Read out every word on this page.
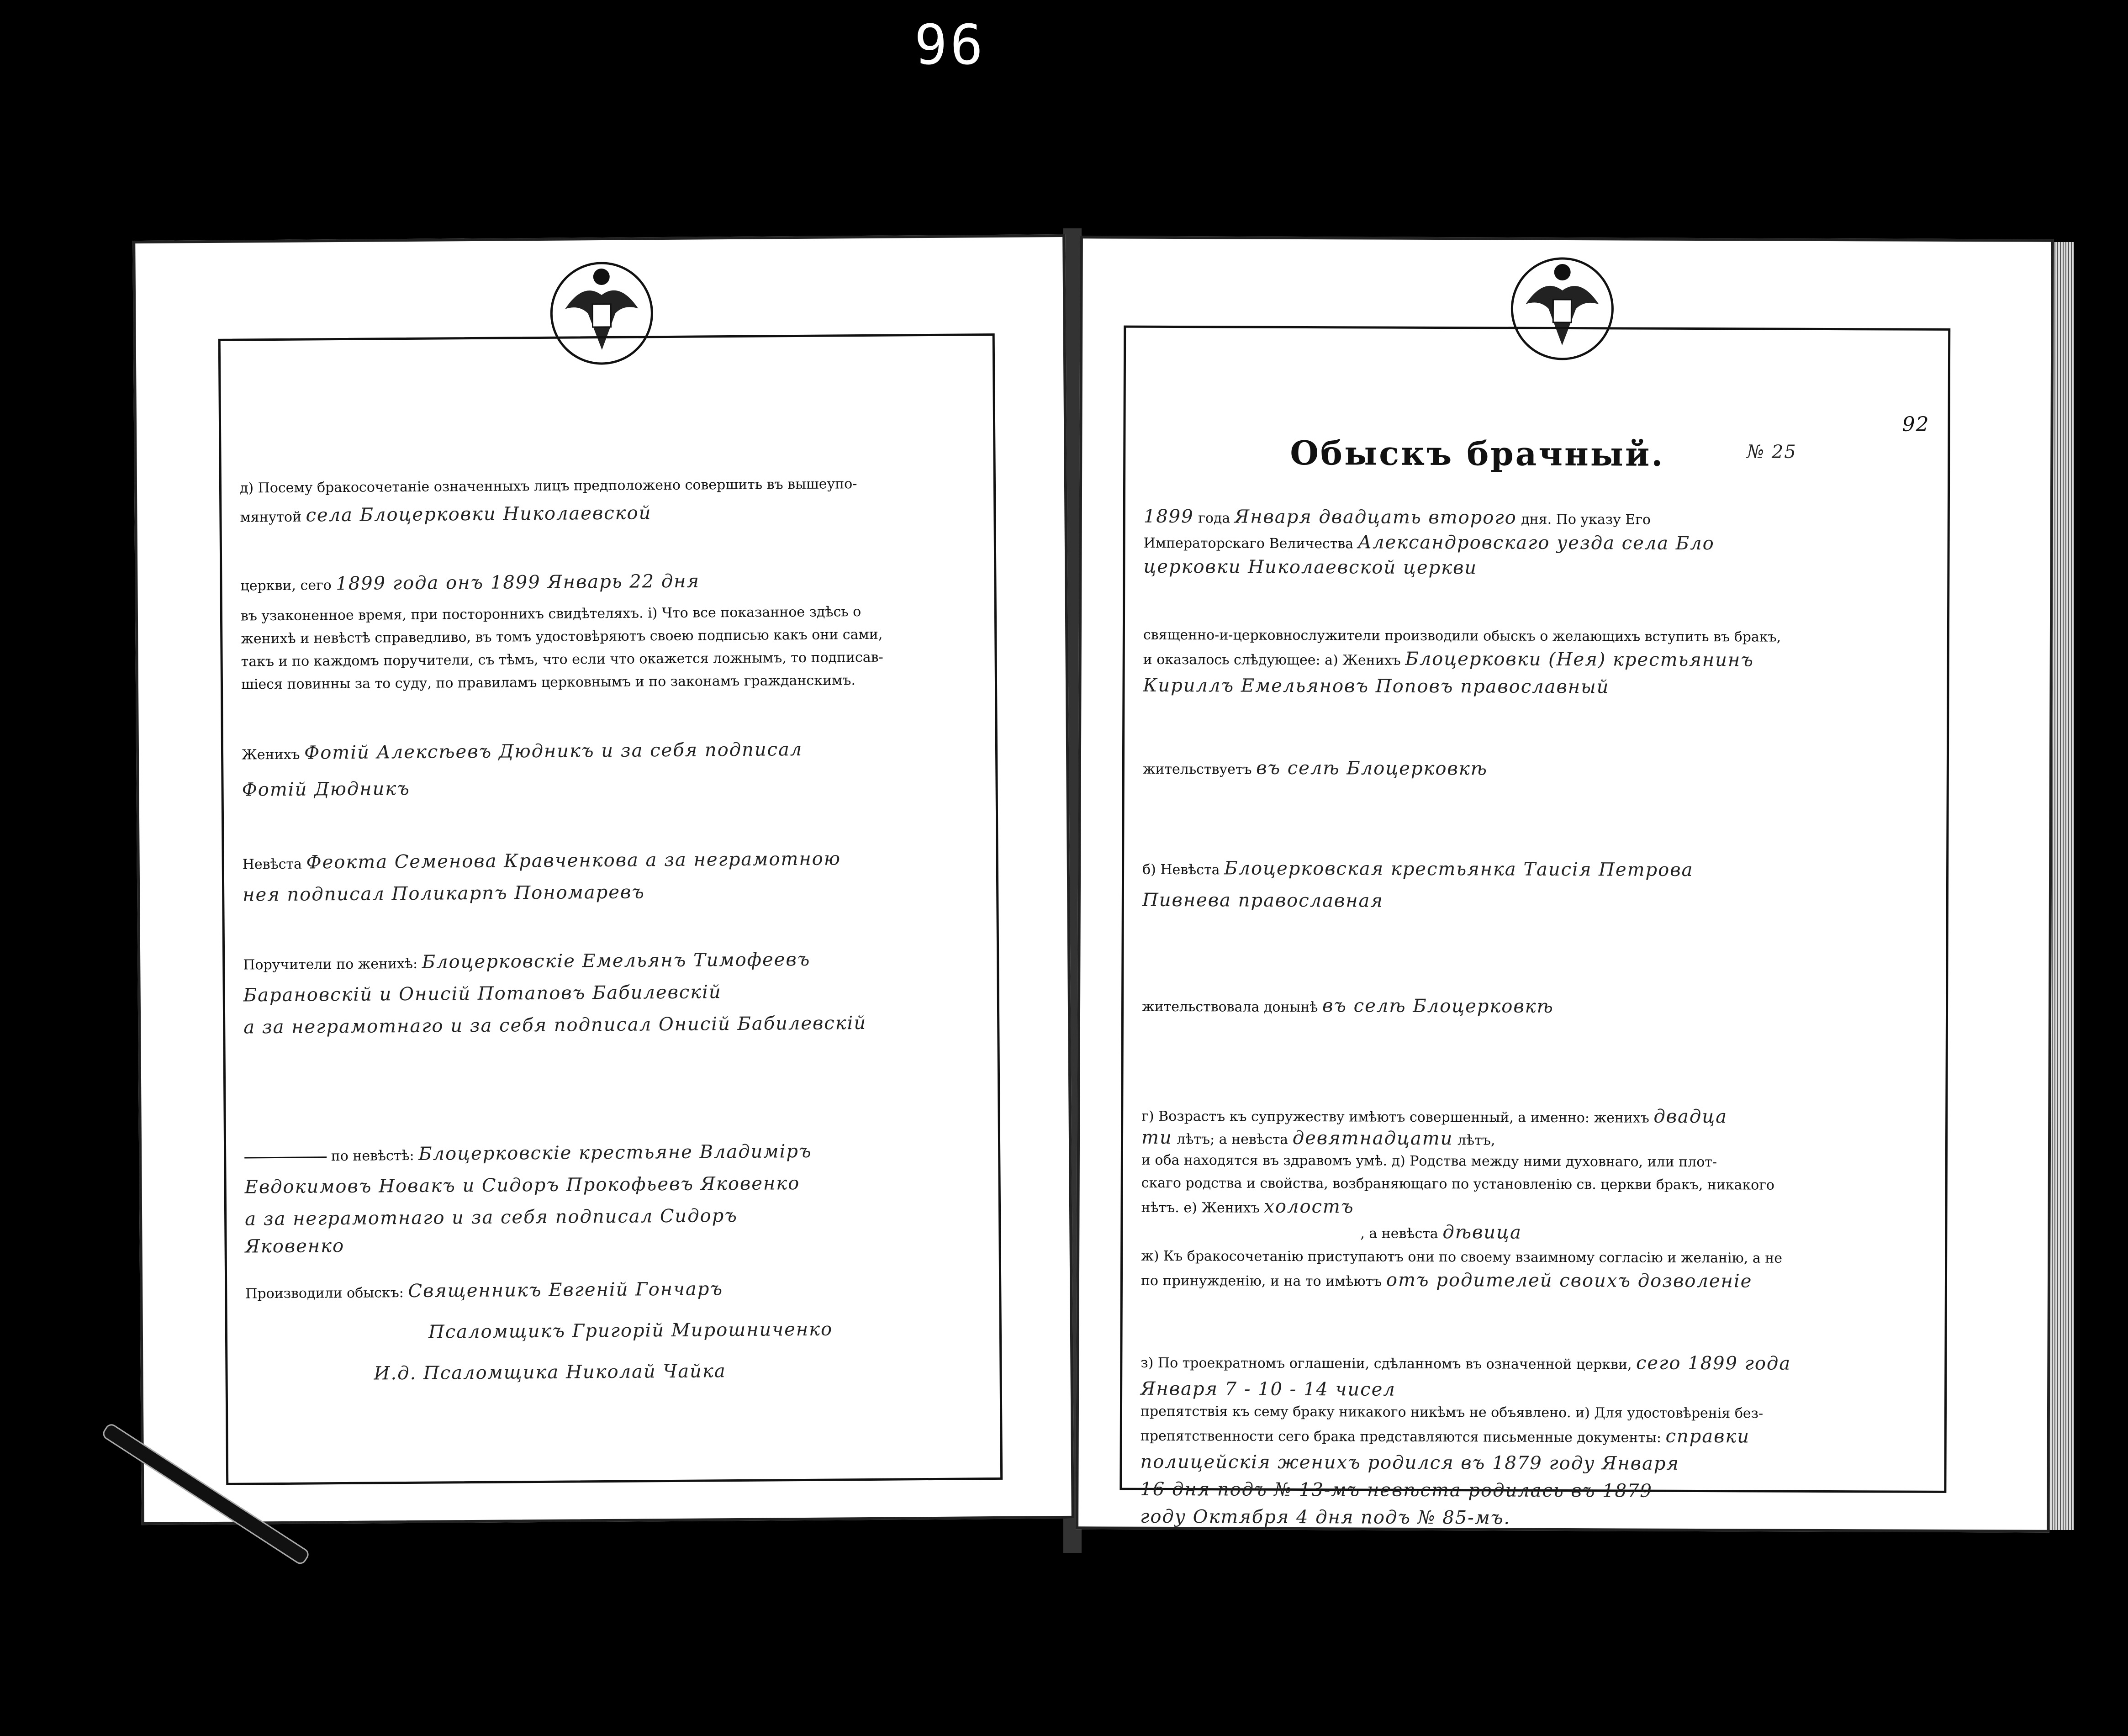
96
д) Посему бракосочетанiе означенныхъ лицъ предположено совершить въ вышеупо-
мянутой села Блоцерковки Николаевской
церкви, сего 1899 года онъ 1899 Январь 22 дня
въ узаконенное время, при постороннихъ свидѣтеляхъ. i) Что все показанное здѣсь о
женихѣ и невѣстѣ справедливо, въ томъ удостовѣряютъ своею подписью какъ они сами,
такъ и по каждомъ поручители, съ тѣмъ, что если что окажется ложнымъ, то подписав-
шiеся повинны за то суду, по правиламъ церковнымъ и по законамъ гражданскимъ.
Женихъ Фотiй Алексѣевъ Дюдникъ и за себя подписал
Фотiй Дюдникъ
Невѣста Феокта Семенова Кравченкова а за неграмотною
нея подписал Поликарпъ Пономаревъ
Поручители по женихѣ: Блоцерковскiе Емельянъ Тимофеевъ
Барановскiй и Онисiй Потаповъ Бабилевскiй
а за неграмотнаго и за себя подписал Онисiй Бабилевскiй
по невѣстѣ: Блоцерковскiе крестьяне Владимiръ
Евдокимовъ Новакъ и Сидоръ Прокофьевъ Яковенко
а за неграмотнаго и за себя подписал Сидоръ
Яковенко
Производили обыскъ: Священникъ Евгенiй Гончаръ
Псаломщикъ Григорiй Мирошниченко
И.д. Псаломщика Николай Чайка
92
Обыскъ брачный.	№ 25
1899 года Января двадцать второго дня. По указу Его
Императорскаго Величества Александровскаго уезда села Бло
церковки Николаевской церкви
священно-и-церковнослужители производили обыскъ о желающихъ вступить въ бракъ,
и оказалось слѣдующее: а) Женихъ Блоцерковки (Нея) крестьянинъ
Кириллъ Емельяновъ Поповъ православный
жительствуетъ въ селѣ Блоцерковкѣ
б) Невѣста Блоцерковская крестьянка Таисiя Петрова
Пивнева православная
жительствовала донынѣ въ селѣ Блоцерковкѣ
г) Возрастъ къ супружеству имѣютъ совершенный, а именно: женихъ двадца
ти лѣтъ; а невѣста девятнадцати лѣтъ,
и оба находятся въ здравомъ умѣ. д) Родства между ними духовнаго, или плот-
скаго родства и свойства, возбраняющаго по установленiю св. церкви бракъ, никакого
нѣтъ. е) Женихъ холостъ
, а невѣста дѣвица
ж) Къ бракосочетанiю приступаютъ они по своему взаимному согласiю и желанiю, а не
по принужденiю, и на то имѣютъ отъ родителей своихъ дозволенiе
з) По троекратномъ оглашенiи, сдѣланномъ въ означенной церкви, сего 1899 года
Января 7 - 10 - 14 чисел
препятствiя къ сему браку никакого никѣмъ не объявлено. и) Для удостовѣренiя без-
препятственности сего брака представляются письменные документы: справки
полицейскiя женихъ родился въ 1879 году Января
16 дня подъ № 13-мъ невѣста родилась въ 1879
году Октября 4 дня подъ № 85-мъ.
